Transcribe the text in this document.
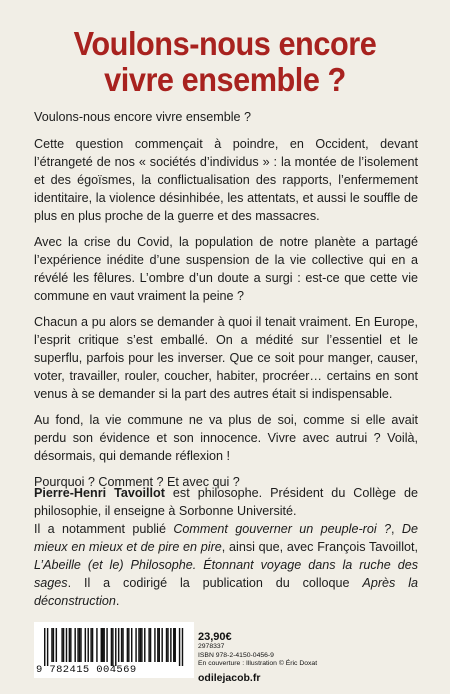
Voulons-nous encore
vivre ensemble ?

Voulons-nous encore vivre ensemble ?

Cette question commençait à poindre, en Occident, devant l’étrangeté de nos « sociétés d’individus » : la montée de l’isolement et des égoïsmes, la conflictualisation des rapports, l’enfermement identitaire, la violence désinhibée, les attentats, et aussi le souffle de plus en plus proche de la guerre et des massacres.

Avec la crise du Covid, la population de notre planète a partagé l’expérience inédite d’une suspension de la vie collective qui en a révélé les fêlures. L’ombre d’un doute a surgi : est-ce que cette vie commune en vaut vraiment la peine ?

Chacun a pu alors se demander à quoi il tenait vraiment. En Europe, l’esprit critique s’est emballé. On a médité sur l’essentiel et le superflu, parfois pour les inverser. Que ce soit pour manger, causer, voter, travailler, rouler, coucher, habiter, procréer… certains en sont venus à se demander si la part des autres était si indispensable.

Au fond, la vie commune ne va plus de soi, comme si elle avait perdu son évidence et son innocence. Vivre avec autrui ? Voilà, désormais, qui demande réflexion !

Pourquoi ? Comment ? Et avec qui ?

Pierre-Henri Tavoillot est philosophe. Président du Collège de philosophie, il enseigne à Sorbonne Université.
Il a notamment publié Comment gouverner un peuple-roi ?, De mieux en mieux et de pire en pire, ainsi que, avec François Tavoillot, L’Abeille (et le) Philosophe. Étonnant voyage dans la ruche des sages. Il a codirigé la publication du colloque Après la déconstruction.

9 782415 004569
23,90€
2978337
ISBN 978-2-4150-0456-9
En couverture : Illustration © Éric Doxat
odilejacob.fr
